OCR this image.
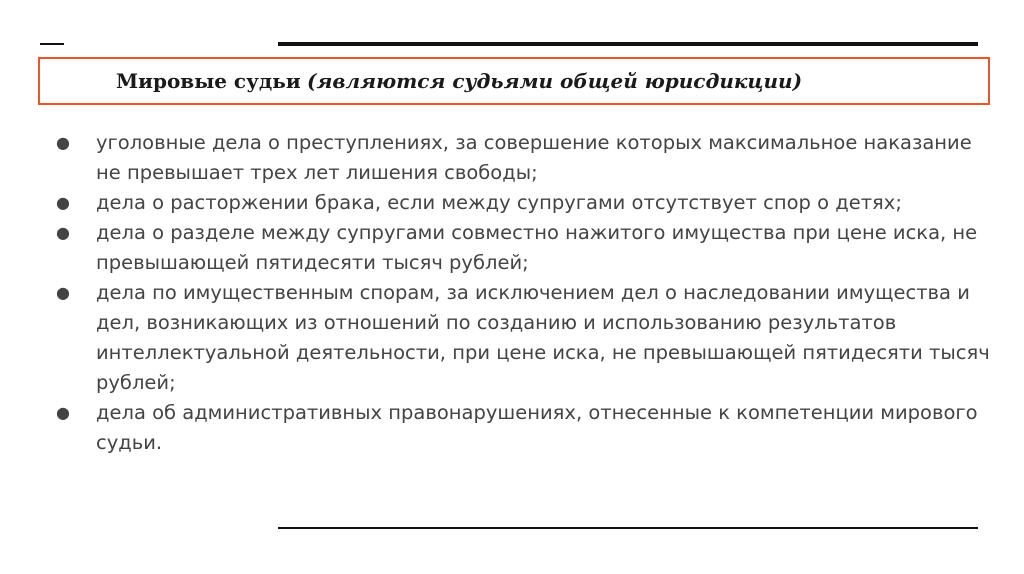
Мировые судьи (являются судьями общей юрисдикции)
● уголовные дела о преступлениях, за совершение которых максимальное наказание не превышает трех лет лишения свободы;
● дела о расторжении брака, если между супругами отсутствует спор о детях;
● дела о разделе между супругами совместно нажитого имущества при цене иска, не превышающей пятидесяти тысяч рублей;
● дела по имущественным спорам, за исключением дел о наследовании имущества и дел, возникающих из отношений по созданию и использованию результатов интеллектуальной деятельности, при цене иска, не превышающей пятидесяти тысяч рублей;
● дела об административных правонарушениях, отнесенные к компетенции мирового судьи.
